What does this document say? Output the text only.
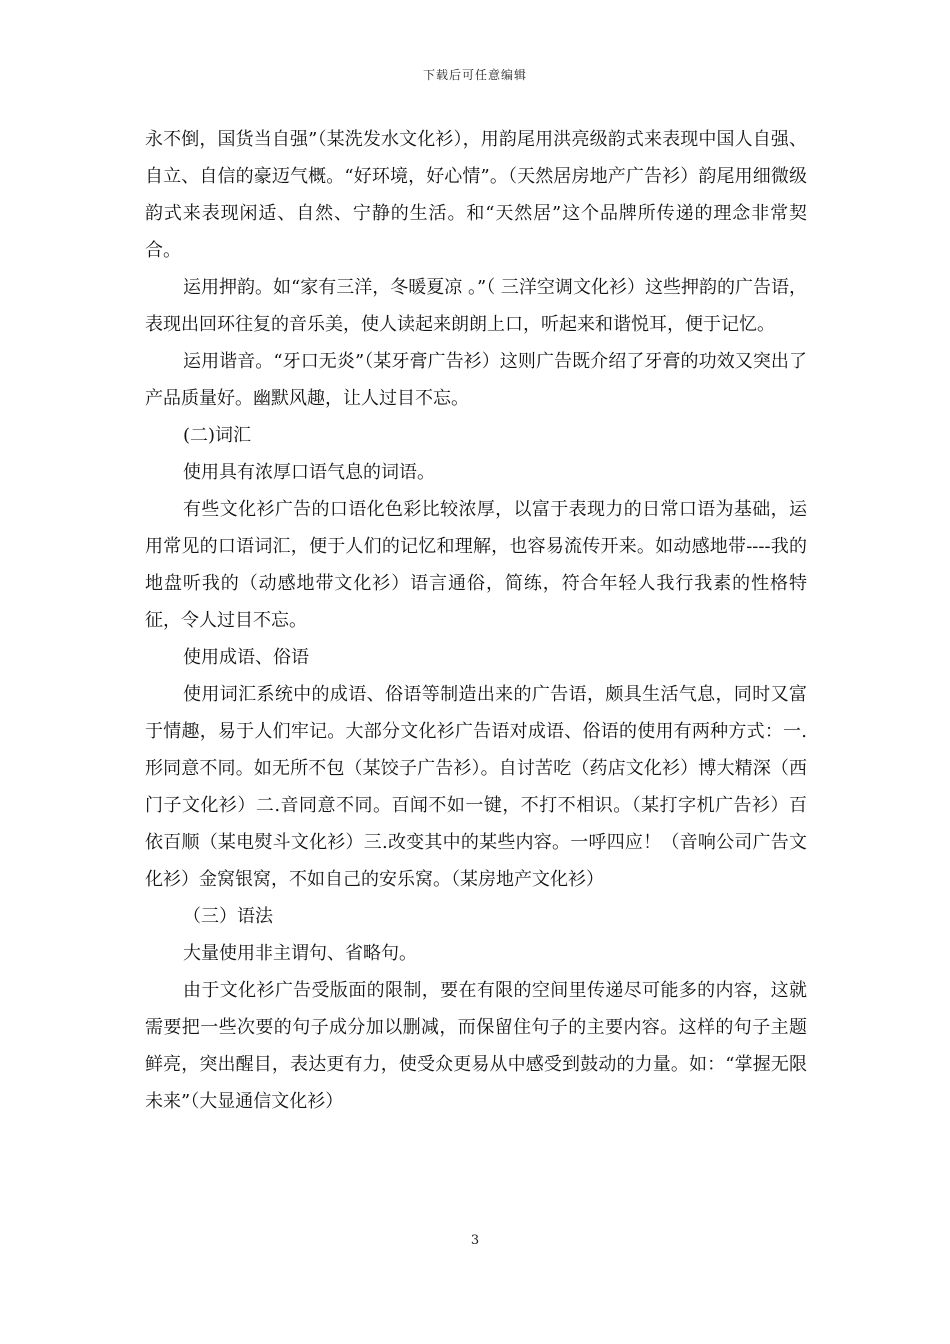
下载后可任意编辑

永不倒，国货当自强”（某洗发水文化衫），用韵尾用洪亮级韵式来表现中国人自强、自立、自信的豪迈气概。“好环境，好心情”。（天然居房地产广告衫）韵尾用细微级韵式来表现闲适、自然、宁静的生活。和“天然居”这个品牌所传递的理念非常契合。

运用押韵。如“家有三洋，冬暖夏凉 。”（ 三洋空调文化衫）这些押韵的广告语，表现出回环往复的音乐美，使人读起来朗朗上口，听起来和谐悦耳，便于记忆。

运用谐音。“牙口无炎”（某牙膏广告衫）这则广告既介绍了牙膏的功效又突出了产品质量好。幽默风趣，让人过目不忘。

(二)词汇

使用具有浓厚口语气息的词语。

有些文化衫广告的口语化色彩比较浓厚，以富于表现力的日常口语为基础，运用常见的口语词汇，便于人们的记忆和理解，也容易流传开来。如动感地带----我的地盘听我的（动感地带文化衫）语言通俗，简练，符合年轻人我行我素的性格特征，令人过目不忘。

使用成语、俗语

使用词汇系统中的成语、俗语等制造出来的广告语，颇具生活气息，同时又富于情趣，易于人们牢记。大部分文化衫广告语对成语、俗语的使用有两种方式：一.形同意不同。如无所不包（某饺子广告衫）。自讨苦吃（药店文化衫）博大精深（西门子文化衫）二.音同意不同。百闻不如一键，不打不相识。（某打字机广告衫）百依百顺（某电熨斗文化衫）三.改变其中的某些内容。一呼四应！（音响公司广告文化衫）金窝银窝，不如自己的安乐窝。（某房地产文化衫）

（三）语法

大量使用非主谓句、省略句。

由于文化衫广告受版面的限制，要在有限的空间里传递尽可能多的内容，这就需要把一些次要的句子成分加以删减，而保留住句子的主要内容。这样的句子主题鲜亮，突出醒目，表达更有力，使受众更易从中感受到鼓动的力量。如：“掌握无限未来”（大显通信文化衫）

3
